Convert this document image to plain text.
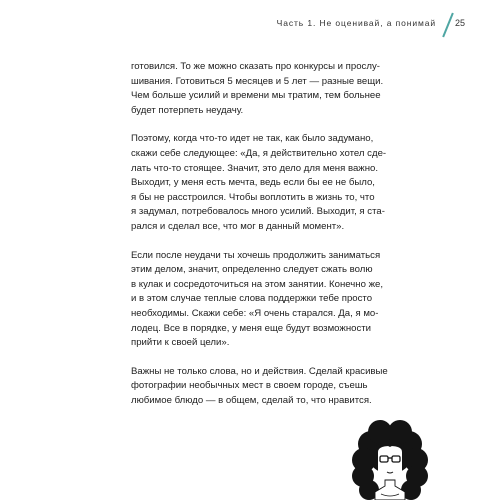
Часть 1. Не оценивай, а понимай 25

готовился. То же можно сказать про конкурсы и прослу-
шивания. Готовиться 5 месяцев и 5 лет — разные вещи.
Чем больше усилий и времени мы тратим, тем больнее
будет потерпеть неудачу.

Поэтому, когда что-то идет не так, как было задумано,
скажи себе следующее: «Да, я действительно хотел сде-
лать что-то стоящее. Значит, это дело для меня важно.
Выходит, у меня есть мечта, ведь если бы ее не было,
я бы не расстроился. Чтобы воплотить в жизнь то, что
я задумал, потребовалось много усилий. Выходит, я ста-
рался и сделал все, что мог в данный момент».

Если после неудачи ты хочешь продолжить заниматься
этим делом, значит, определенно следует сжать волю
в кулак и сосредоточиться на этом занятии. Конечно же,
и в этом случае теплые слова поддержки тебе просто
необходимы. Скажи себе: «Я очень старался. Да, я мо-
лодец. Все в порядке, у меня еще будут возможности
прийти к своей цели».

Важны не только слова, но и действия. Сделай красивые
фотографии необычных мест в своем городе, съешь
любимое блюдо — в общем, сделай то, что нравится.
